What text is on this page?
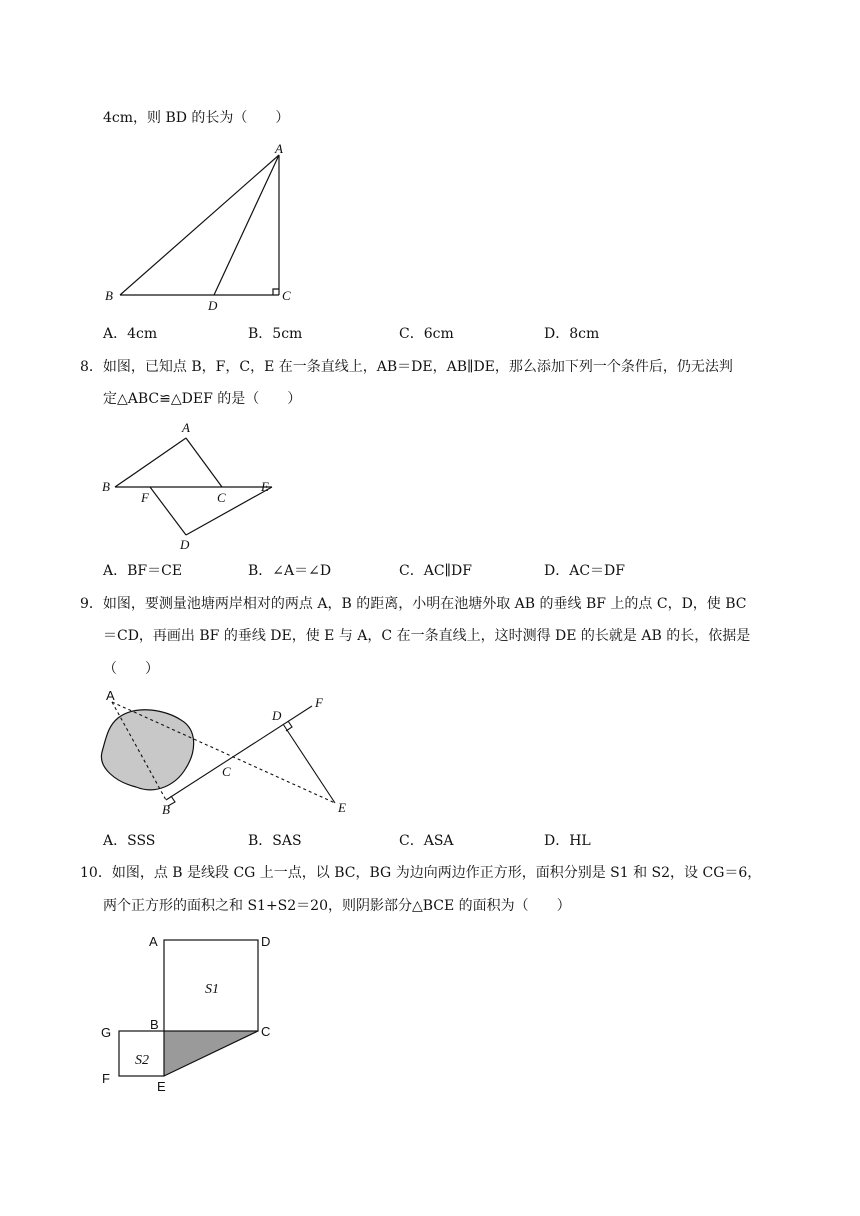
4cm，则 BD 的长为（　　）
A
B
D
C
A．4cm	B．5cm	C．6cm	D．8cm
8．如图，已知点 B，F，C，E 在一条直线上，AB＝DE，AB∥DE，那么添加下列一个条件后，仍无法判
定△ABC≌△DEF 的是（　　）
A
B
F	C
E
D
A．BF＝CE	B．∠A＝∠D	C．AC∥DF	D．AC＝DF
9．如图，要测量池塘两岸相对的两点 A，B 的距离，小明在池塘外取 AB 的垂线 BF 上的点 C，D，使 BC
＝CD，再画出 BF 的垂线 DE，使 E 与 A，C 在一条直线上，这时测得 DE 的长就是 AB 的长，依据是
（　　）
A
B
C
D
E
F
A．SSS	B．SAS	C．ASA	D．HL
10．如图，点 B 是线段 CG 上一点，以 BC，BG 为边向两边作正方形，面积分别是 S1 和 S2，设 CG＝6，
两个正方形的面积之和 S1+S2＝20，则阴影部分△BCE 的面积为（　　）
A	D
S1
G
B	C
S2
F
E
